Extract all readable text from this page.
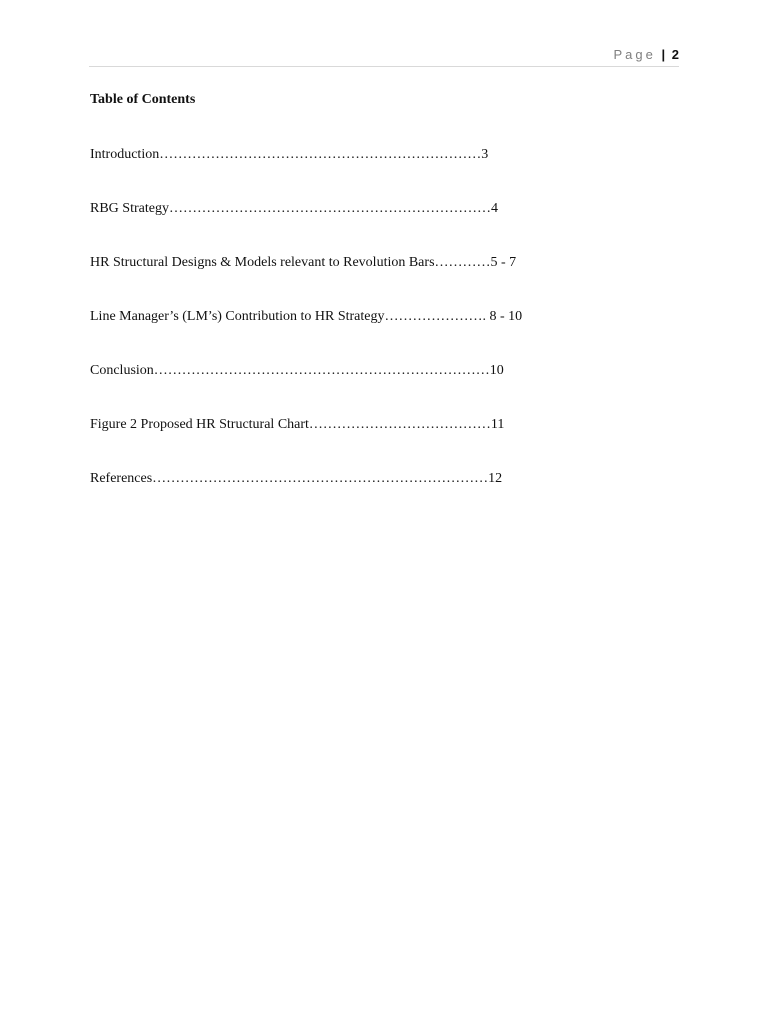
Page | 2
Table of Contents
Introduction……………………………………………………………3
RBG Strategy……………………………………………………………4
HR Structural Designs & Models relevant to Revolution Bars…………5 - 7
Line Manager’s (LM’s) Contribution to HR Strategy…………………. 8 - 10
Conclusion………………………………………………………………10
Figure 2 Proposed HR Structural Chart…………………………………11
References………………………………………………………………12
